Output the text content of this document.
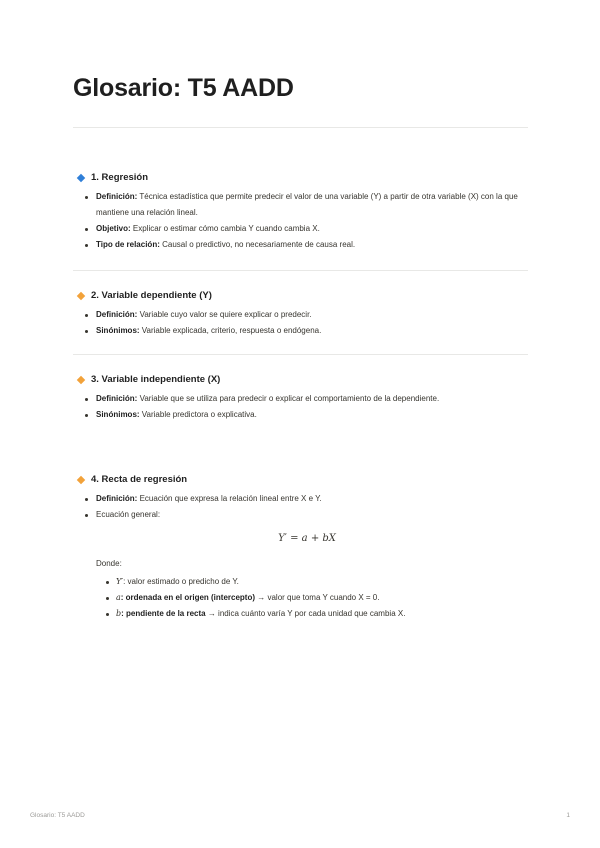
Glosario: T5 AADD
1. Regresión
Definición: Técnica estadística que permite predecir el valor de una variable (Y) a partir de otra variable (X) con la que mantiene una relación lineal.
Objetivo: Explicar o estimar cómo cambia Y cuando cambia X.
Tipo de relación: Causal o predictivo, no necesariamente de causa real.
2. Variable dependiente (Y)
Definición: Variable cuyo valor se quiere explicar o predecir.
Sinónimos: Variable explicada, criterio, respuesta o endógena.
3. Variable independiente (X)
Definición: Variable que se utiliza para predecir o explicar el comportamiento de la dependiente.
Sinónimos: Variable predictora o explicativa.
4. Recta de regresión
Definición: Ecuación que expresa la relación lineal entre X e Y.
Ecuación general:
Y′ = a + bX
Donde:
Y′: valor estimado o predicho de Y.
a: ordenada en el origen (intercepto) → valor que toma Y cuando X = 0.
b: pendiente de la recta → indica cuánto varía Y por cada unidad que cambia X.
Glosario: T5 AADD	1
